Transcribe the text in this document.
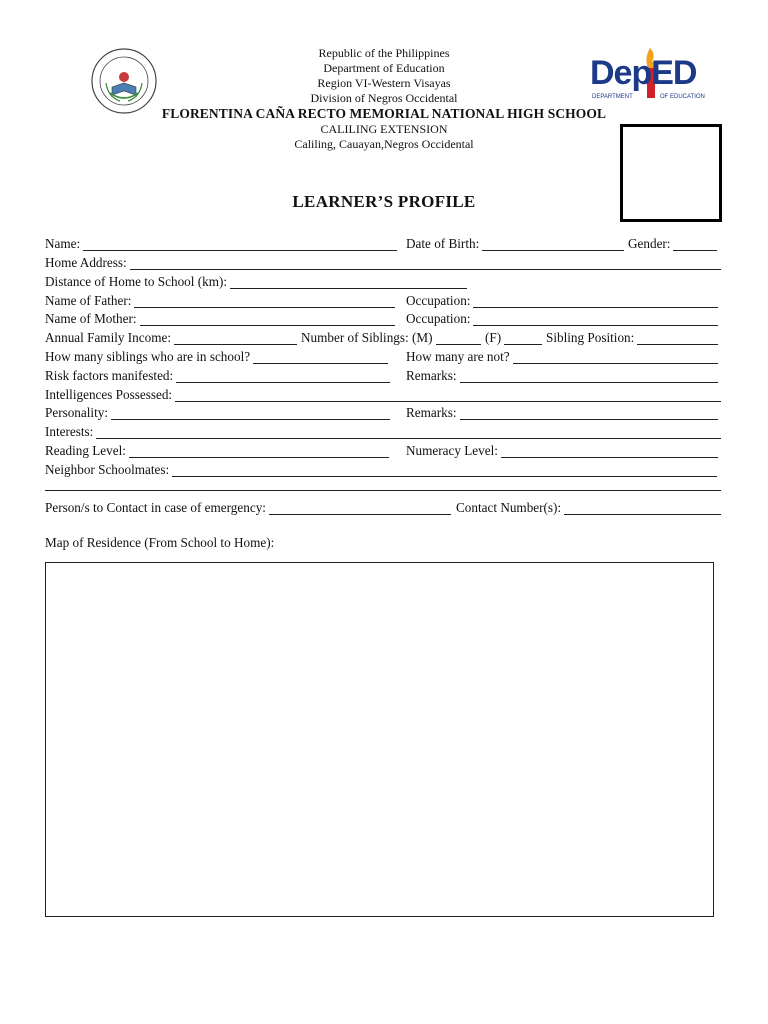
DepED
DEPARTMENT	OF EDUCATION
Republic of the Philippines
Department of Education
Region VI-Western Visayas
Division of Negros Occidental
FLORENTINA CAÑA RECTO MEMORIAL NATIONAL HIGH SCHOOL
CALILING EXTENSION
Caliling, Cauayan,Negros Occidental
LEARNER’S PROFILE
Name:	Date of Birth:	Gender:
Home Address:
Distance of Home to School (km):
Name of Father:	Occupation:
Name of Mother:	Occupation:
Annual Family Income:	Number of Siblings: (M)	(F)	Sibling Position:
How many siblings who are in school?	How many are not?
Risk factors manifested:	Remarks:
Intelligences Possessed:
Personality:	Remarks:
Interests:
Reading Level:	Numeracy Level:
Neighbor Schoolmates:
Person/s to Contact in case of emergency:	Contact Number(s):
Map of Residence (From School to Home):
